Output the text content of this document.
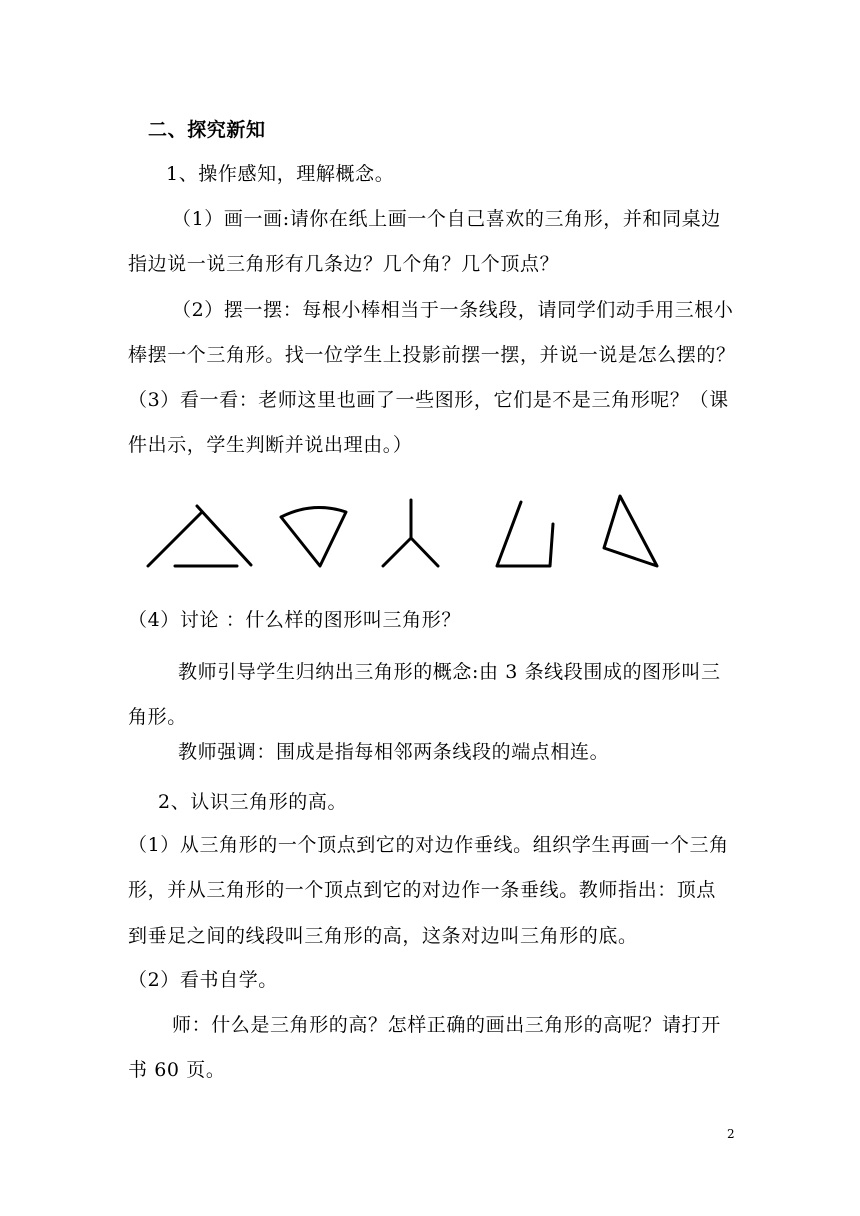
二、探究新知
1、操作感知，理解概念。
（1）画一画:请你在纸上画一个自己喜欢的三角形，并和同桌边
指边说一说三角形有几条边？几个角？几个顶点？
（2）摆一摆：每根小棒相当于一条线段，请同学们动手用三根小
棒摆一个三角形。找一位学生上投影前摆一摆，并说一说是怎么摆的？
（3）看一看：老师这里也画了一些图形，它们是不是三角形呢？（课
件出示，学生判断并说出理由。）
（4）讨论 ：什么样的图形叫三角形？
教师引导学生归纳出三角形的概念:由 3 条线段围成的图形叫三
角形。
教师强调：围成是指每相邻两条线段的端点相连。
2、认识三角形的高。
（1）从三角形的一个顶点到它的对边作垂线。组织学生再画一个三角
形，并从三角形的一个顶点到它的对边作一条垂线。教师指出：顶点
到垂足之间的线段叫三角形的高，这条对边叫三角形的底。
（2）看书自学。
师：什么是三角形的高？怎样正确的画出三角形的高呢？请打开
书 60 页。
2
